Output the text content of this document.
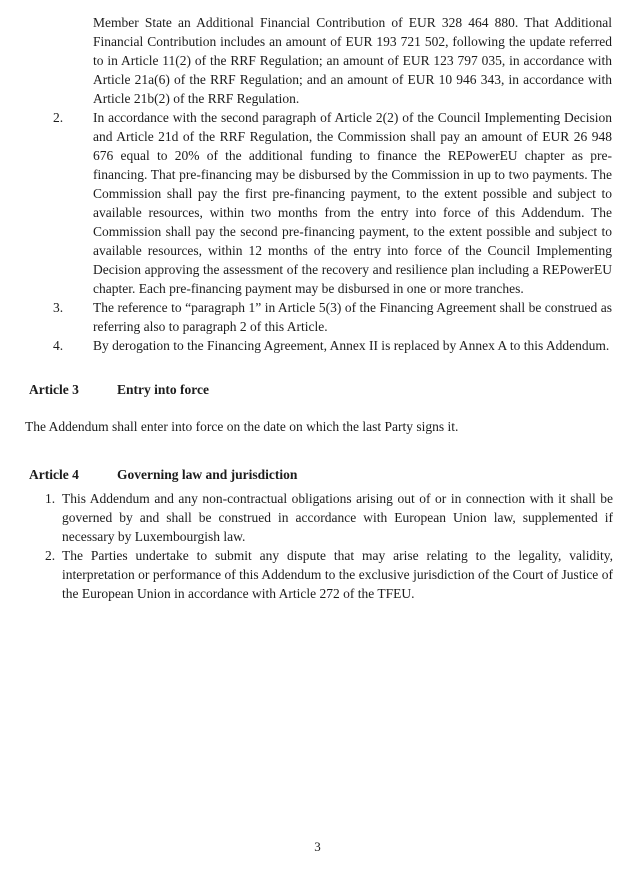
Member State an Additional Financial Contribution of EUR 328 464 880. That Additional Financial Contribution includes an amount of EUR 193 721 502, following the update referred to in Article 11(2) of the RRF Regulation; an amount of EUR 123 797 035, in accordance with Article 21a(6) of the RRF Regulation; and an amount of EUR 10 946 343, in accordance with Article 21b(2) of the RRF Regulation.

2.	In accordance with the second paragraph of Article 2(2) of the Council Implementing Decision and Article 21d of the RRF Regulation, the Commission shall pay an amount of EUR 26 948 676 equal to 20% of the additional funding to finance the REPowerEU chapter as pre-financing. That pre-financing may be disbursed by the Commission in up to two payments. The Commission shall pay the first pre-financing payment, to the extent possible and subject to available resources, within two months from the entry into force of this Addendum. The Commission shall pay the second pre-financing payment, to the extent possible and subject to available resources, within 12 months of the entry into force of the Council Implementing Decision approving the assessment of the recovery and resilience plan including a REPowerEU chapter. Each pre-financing payment may be disbursed in one or more tranches.

3.	The reference to “paragraph 1” in Article 5(3) of the Financing Agreement shall be construed as referring also to paragraph 2 of this Article.

4.	By derogation to the Financing Agreement, Annex II is replaced by Annex A to this Addendum.

Article 3	Entry into force

The Addendum shall enter into force on the date on which the last Party signs it.

Article 4	Governing law and jurisdiction
1. This Addendum and any non-contractual obligations arising out of or in connection with it shall be governed by and shall be construed in accordance with European Union law, supplemented if necessary by Luxembourgish law.

2. The Parties undertake to submit any dispute that may arise relating to the legality, validity, interpretation or performance of this Addendum to the exclusive jurisdiction of the Court of Justice of the European Union in accordance with Article 272 of the TFEU.

3
